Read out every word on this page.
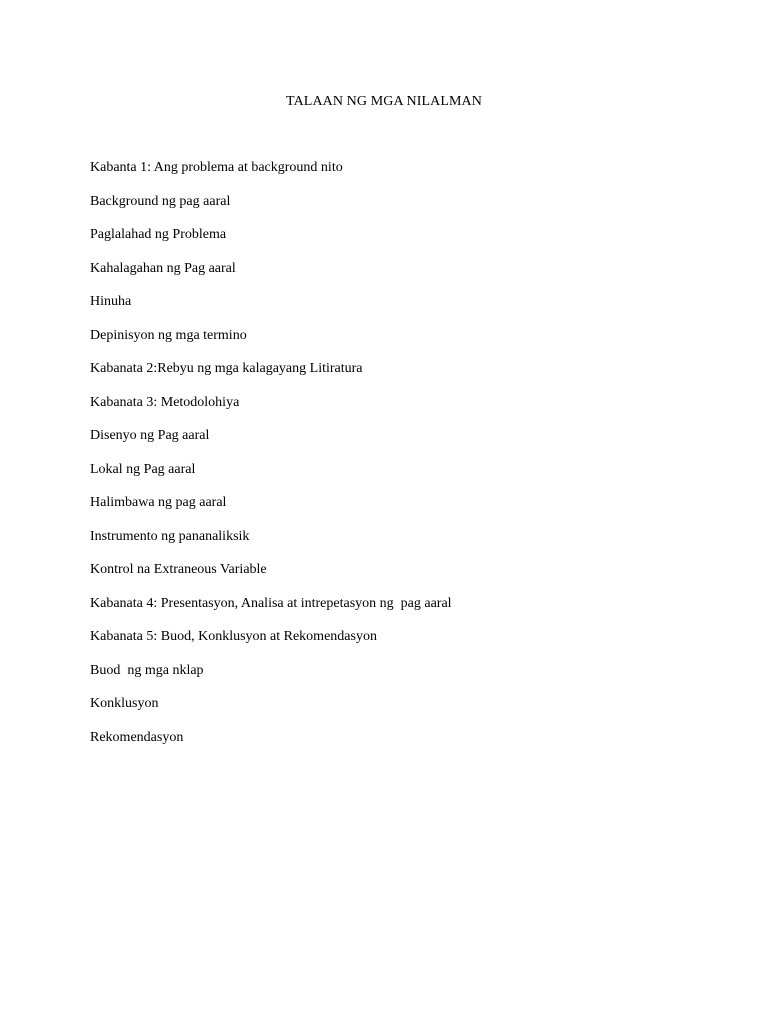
TALAAN NG MGA NILALMAN
Kabanta 1: Ang problema at background nito
Background ng pag aaral
Paglalahad ng Problema
Kahalagahan ng Pag aaral
Hinuha
Depinisyon ng mga termino
Kabanata 2:Rebyu ng mga kalagayang Litiratura
Kabanata 3: Metodolohiya
Disenyo ng Pag aaral
Lokal ng Pag aaral
Halimbawa ng pag aaral
Instrumento ng pananaliksik
Kontrol na Extraneous Variable
Kabanata 4: Presentasyon, Analisa at intrepetasyon ng  pag aaral
Kabanata 5: Buod, Konklusyon at Rekomendasyon
Buod  ng mga nklap
Konklusyon
Rekomendasyon
